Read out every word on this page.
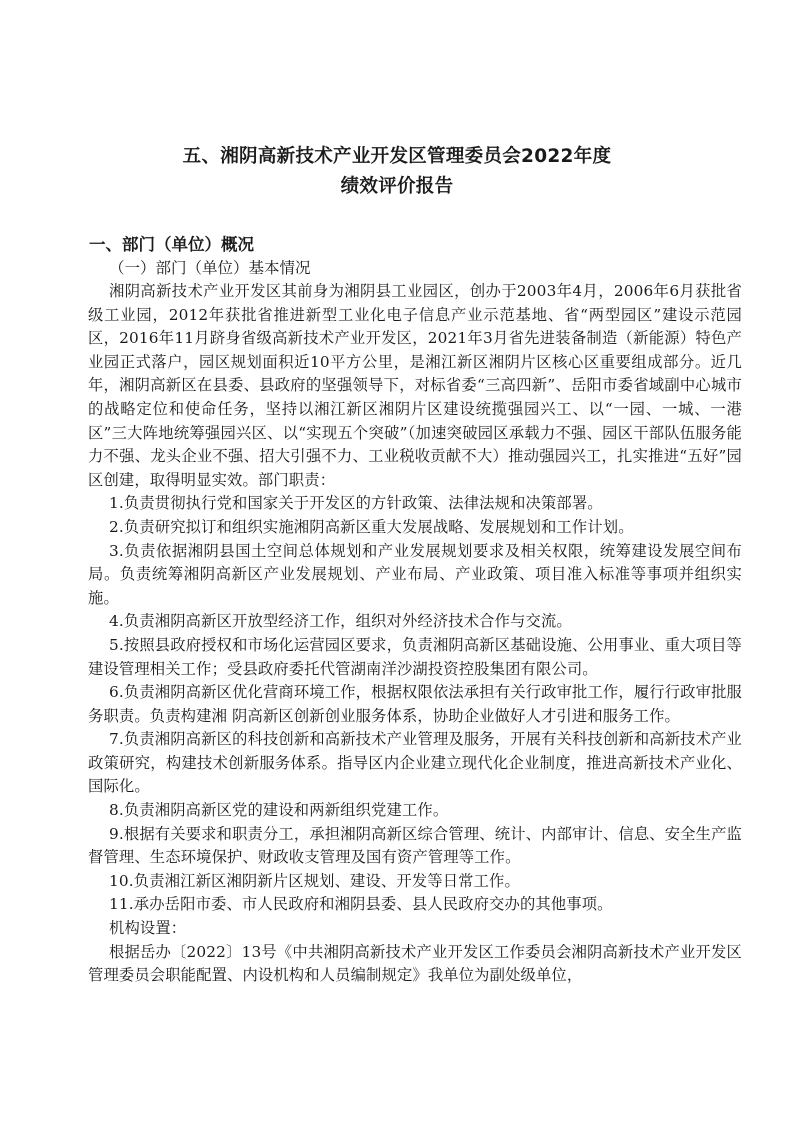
五、湘阴高新技术产业开发区管理委员会2022年度
绩效评价报告
一、部门（单位）概况
（一）部门（单位）基本情况
湘阴高新技术产业开发区其前身为湘阴县工业园区，创办于2003年4月，2006年6月获批省级工业园，2012年获批省推进新型工业化电子信息产业示范基地、省“两型园区”建设示范园区，2016年11月跻身省级高新技术产业开发区，2021年3月省先进装备制造（新能源）特色产业园正式落户，园区规划面积近10平方公里，是湘江新区湘阴片区核心区重要组成部分。近几年，湘阴高新区在县委、县政府的坚强领导下，对标省委“三高四新”、岳阳市委省域副中心城市的战略定位和使命任务，坚持以湘江新区湘阴片区建设统揽强园兴工、以“一园、一城、一港区”三大阵地统筹强园兴区、以“实现五个突破”（加速突破园区承载力不强、园区干部队伍服务能力不强、龙头企业不强、招大引强不力、工业税收贡献不大）推动强园兴工，扎实推进“五好”园区创建，取得明显实效。部门职责：
1.负责贯彻执行党和国家关于开发区的方针政策、法律法规和决策部署。
2.负责研究拟订和组织实施湘阴高新区重大发展战略、发展规划和工作计划。
3.负责依据湘阴县国土空间总体规划和产业发展规划要求及相关权限，统筹建设发展空间布局。负责统筹湘阴高新区产业发展规划、产业布局、产业政策、项目准入标准等事项并组织实施。
4.负责湘阴高新区开放型经济工作，组织对外经济技术合作与交流。
5.按照县政府授权和市场化运营园区要求，负责湘阴高新区基础设施、公用事业、重大项目等建设管理相关工作；受县政府委托代管湖南洋沙湖投资控股集团有限公司。
6.负责湘阴高新区优化营商环境工作，根据权限依法承担有关行政审批工作，履行行政审批服务职责。负责构建湘 阴高新区创新创业服务体系，协助企业做好人才引进和服务工作。
7.负责湘阴高新区的科技创新和高新技术产业管理及服务，开展有关科技创新和高新技术产业政策研究，构建技术创新服务体系。指导区内企业建立现代化企业制度，推进高新技术产业化、国际化。
8.负责湘阴高新区党的建设和两新组织党建工作。
9.根据有关要求和职责分工，承担湘阴高新区综合管理、统计、内部审计、信息、安全生产监督管理、生态环境保护、财政收支管理及国有资产管理等工作。
10.负责湘江新区湘阴新片区规划、建设、开发等日常工作。
11.承办岳阳市委、市人民政府和湘阴县委、县人民政府交办的其他事项。
机构设置：
根据岳办〔2022〕13号《中共湘阴高新技术产业开发区工作委员会湘阴高新技术产业开发区管理委员会职能配置、内设机构和人员编制规定》我单位为副处级单位，
